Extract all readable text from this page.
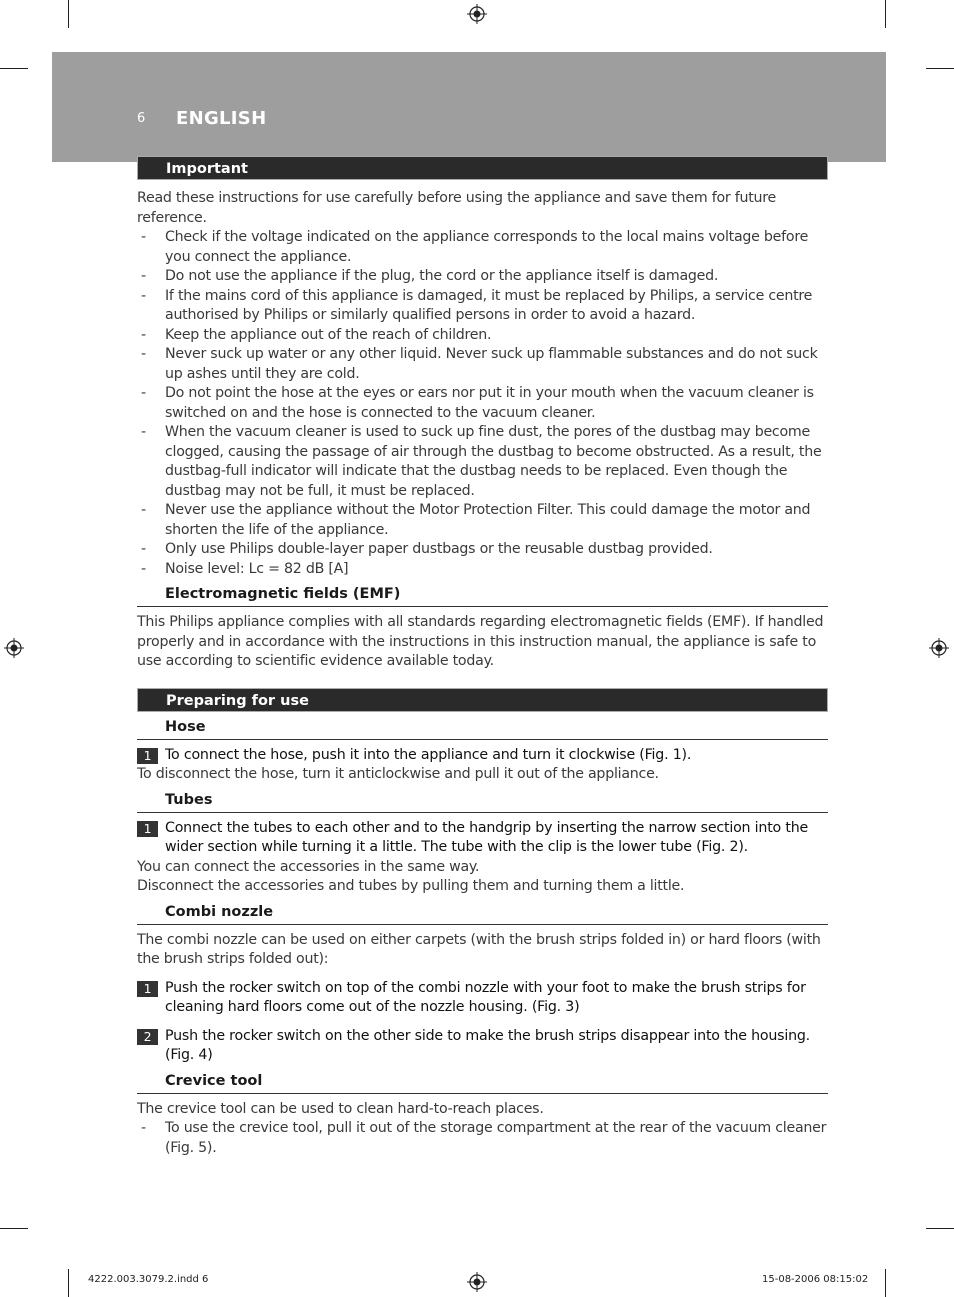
6 ENGLISH
Important

Read these instructions for use carefully before using the appliance and save them for future reference.

- Check if the voltage indicated on the appliance corresponds to the local mains voltage before you connect the appliance.
- Do not use the appliance if the plug, the cord or the appliance itself is damaged.
- If the mains cord of this appliance is damaged, it must be replaced by Philips, a service centre authorised by Philips or similarly qualified persons in order to avoid a hazard.
- Keep the appliance out of the reach of children.
- Never suck up water or any other liquid. Never suck up flammable substances and do not suck up ashes until they are cold.
- Do not point the hose at the eyes or ears nor put it in your mouth when the vacuum cleaner is switched on and the hose is connected to the vacuum cleaner.
- When the vacuum cleaner is used to suck up fine dust, the pores of the dustbag may become clogged, causing the passage of air through the dustbag to become obstructed. As a result, the dustbag-full indicator will indicate that the dustbag needs to be replaced. Even though the dustbag may not be full, it must be replaced.
- Never use the appliance without the Motor Protection Filter. This could damage the motor and shorten the life of the appliance.
- Only use Philips double-layer paper dustbags or the reusable dustbag provided.
- Noise level: Lc = 82 dB [A]
Electromagnetic fields (EMF)

This Philips appliance complies with all standards regarding electromagnetic fields (EMF). If handled properly and in accordance with the instructions in this instruction manual, the appliance is safe to use according to scientific evidence available today.

Preparing for use
Hose
1 To connect the hose, push it into the appliance and turn it clockwise (Fig. 1).

To disconnect the hose, turn it anticlockwise and pull it out of the appliance.

Tubes
1 Connect the tubes to each other and to the handgrip by inserting the narrow section into the wider section while turning it a little. The tube with the clip is the lower tube (Fig. 2).

You can connect the accessories in the same way.

Disconnect the accessories and tubes by pulling them and turning them a little.

Combi nozzle

The combi nozzle can be used on either carpets (with the brush strips folded in) or hard floors (with the brush strips folded out):

1 Push the rocker switch on top of the combi nozzle with your foot to make the brush strips for cleaning hard floors come out of the nozzle housing. (Fig. 3)
2 Push the rocker switch on the other side to make the brush strips disappear into the housing. (Fig. 4)
Crevice tool

The crevice tool can be used to clean hard-to-reach places.

- To use the crevice tool, pull it out of the storage compartment at the rear of the vacuum cleaner (Fig. 5).
4222.003.3079.2.indd 6	15-08-2006 08:15:02
